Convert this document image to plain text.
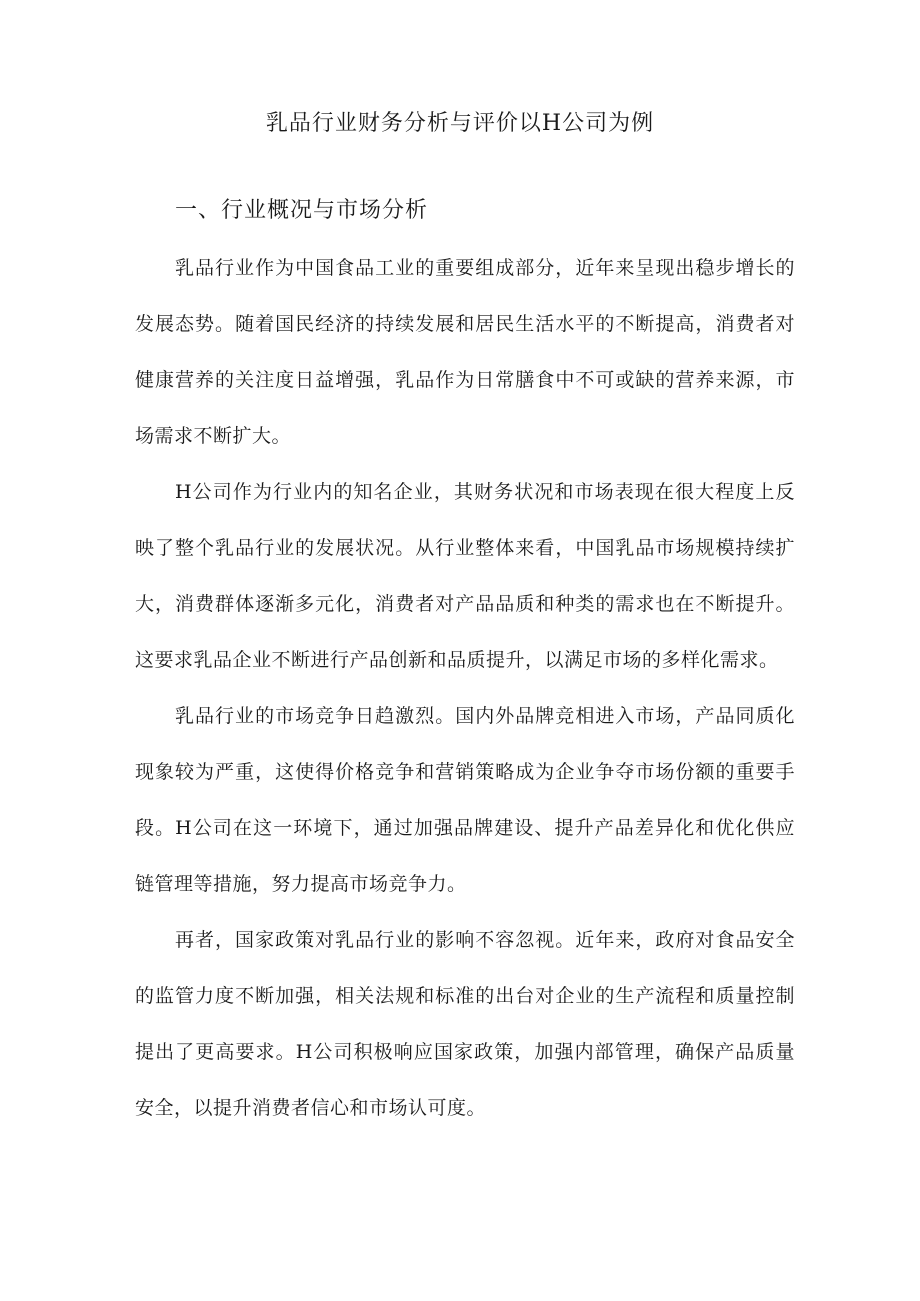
乳品行业财务分析与评价以H公司为例
一、行业概况与市场分析

乳品行业作为中国食品工业的重要组成部分，近年来呈现出稳步增长的发展态势。随着国民经济的持续发展和居民生活水平的不断提高，消费者对健康营养的关注度日益增强，乳品作为日常膳食中不可或缺的营养来源，市场需求不断扩大。

H公司作为行业内的知名企业，其财务状况和市场表现在很大程度上反映了整个乳品行业的发展状况。从行业整体来看，中国乳品市场规模持续扩大，消费群体逐渐多元化，消费者对产品品质和种类的需求也在不断提升。这要求乳品企业不断进行产品创新和品质提升，以满足市场的多样化需求。

乳品行业的市场竞争日趋激烈。国内外品牌竞相进入市场，产品同质化现象较为严重，这使得价格竞争和营销策略成为企业争夺市场份额的重要手段。H公司在这一环境下，通过加强品牌建设、提升产品差异化和优化供应链管理等措施，努力提高市场竞争力。

再者，国家政策对乳品行业的影响不容忽视。近年来，政府对食品安全的监管力度不断加强，相关法规和标准的出台对企业的生产流程和质量控制提出了更高要求。H公司积极响应国家政策，加强内部管理，确保产品质量安全，以提升消费者信心和市场认可度。
